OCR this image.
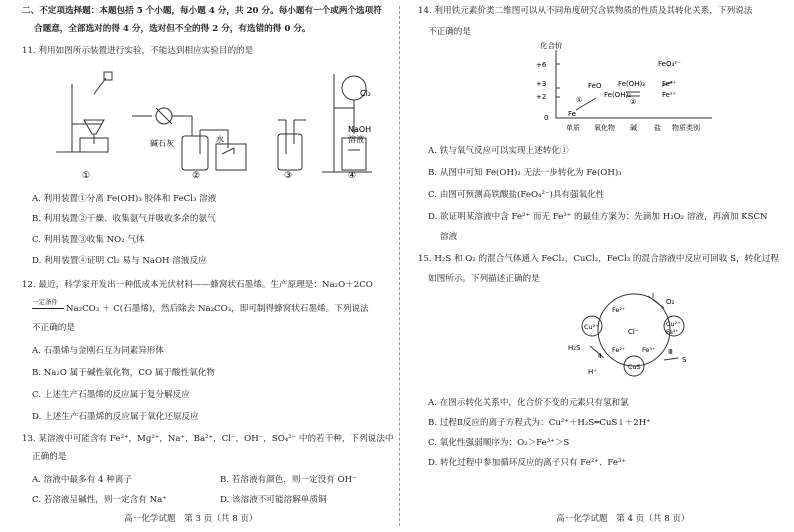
二、不定项选择题：本题包括 5 个小题，每小题 4 分，共 20 分。每小题有一个或两个选项符
合题意，全部选对的得 4 分，选对但不全的得 2 分，有选错的得 0 分。
11. 利用如图所示装置进行实验，不能达到相应实验目的的是
碱石灰	水
Cl₂
NaOH
溶液
①	②	③	④
A. 利用装置①分离 Fe(OH)₃ 胶体和 FeCl₃ 溶液
B. 利用装置②干燥、收集氨气并吸收多余的氨气
C. 利用装置③收集 NO₂ 气体
D. 利用装置④证明 Cl₂ 易与 NaOH 溶液反应
12. 最近，科学家开发出一种低成本光伏材料——蜂窝状石墨烯。生产原理是：Na₂O＋2CO
一定条件
Na₂CO₃ ＋ C(石墨烯)，然后除去 Na₂CO₃，即可制得蜂窝状石墨烯。下列说法
不正确的是
A. 石墨烯与金刚石互为同素异形体
B. Na₂O 属于碱性氧化物，CO 属于酸性氧化物
C. 上述生产石墨烯的反应属于复分解反应
D. 上述生产石墨烯的反应属于氧化还原反应
13. 某溶液中可能含有 Fe²⁺，Mg²⁺，Na⁺，Ba²⁺，Cl⁻，OH⁻，SO₄²⁻ 中的若干种，下列说法中
正确的是
A. 溶液中最多有 4 种离子	B. 若溶液有颜色，则一定没有 OH⁻
C. 若溶液呈碱性，则一定含有 Na⁺	D. 该溶液不可能溶解单质铜
高一化学试题　第 3 页（共 8 页）
14. 利用铁元素价类二维图可以从不同角度研究含铁物质的性质及其转化关系，下列说法
不正确的是
化合价
+6
+3
+2
0
单质 氧化物 碱 盐 物质类别
Fe
FeO
Fe(OH)₂
Fe(OH)₃
Fe²⁺
Fe³⁺
FeO₄²⁻
①	②
A. 铁与氧气反应可以实现上述转化①
B. 从图中可知 Fe(OH)₂ 无法一步转化为 Fe(OH)₃
C. 由图可预测高铁酸盐(FeO₄²⁻)具有强氧化性
D. 欲证明某溶液中含 Fe²⁺ 而无 Fe³⁺ 的最佳方案为：先滴加 H₂O₂ 溶液，再滴加 KSCN
溶液
15. H₂S 和 O₂ 的混合气体通入 FeCl₂，CuCl₂，FeCl₃ 的混合溶液中反应可回收 S，转化过程
如图所示。下列描述正确的是
Cu²⁺	Cu²⁺
Fe³⁺
Fe²⁺
Cl⁻
Fe³⁺
Fe²⁺
CuS
H₂S
H⁺
S
O₂
Ⅰ
Ⅱ	Ⅲ
A. 在图示转化关系中，化合价不变的元素只有氢和氯
B. 过程Ⅱ反应的离子方程式为：Cu²⁺＋H₂S═CuS↓＋2H⁺
C. 氧化性强弱顺序为：O₂＞Fe³⁺＞S
D. 转化过程中参加循环反应的离子只有 Fe²⁺、Fe³⁺
高一化学试题　第 4 页（共 8 页）
